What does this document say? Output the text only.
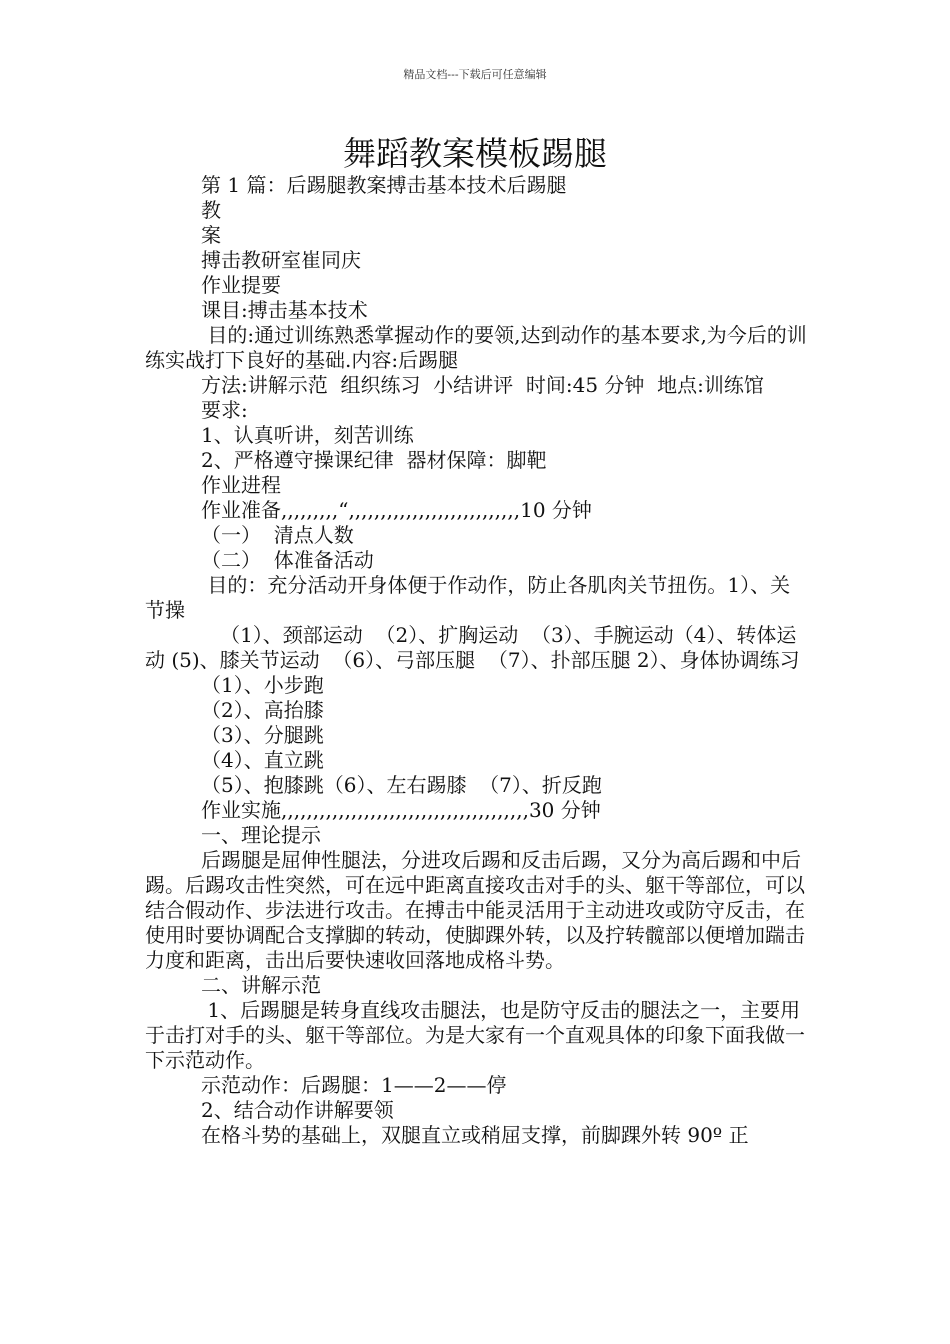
精品文档---下载后可任意编辑
舞蹈教案模板踢腿

第 1 篇：后踢腿教案搏击基本技术后踢腿

教

案

搏击教研室崔同庆

作业提要

课目:搏击基本技术

目的:通过训练熟悉掌握动作的要领,达到动作的基本要求,为今后的训练实战打下良好的基础.内容:后踢腿

方法:讲解示范  组织练习  小结讲评  时间:45 分钟  地点:训练馆

要求:

1、认真听讲，刻苦训练

2、严格遵守操课纪律  器材保障：脚靶

作业进程

作业准备,,,,,,,,,“,,,,,,,,,,,,,,,,,,,,,,,,,,,10 分钟

（一）  清点人数

（二）  体准备活动

目的：充分活动开身体便于作动作，防止各肌肉关节扭伤。1）、关节操

（1）、颈部运动  （2）、扩胸运动  （3）、手腕运动（4）、转体运动 (5)、膝关节运动  （6）、弓部压腿  （7）、扑部压腿 2）、身体协调练习

（1）、小步跑

（2）、高抬膝

（3）、分腿跳

（4）、直立跳

（5）、抱膝跳（6）、左右踢膝  （7）、折反跑

作业实施,,,,,,,,,,,,,,,,,,,,,,,,,,,,,,,,,,,,,,,30 分钟

一、理论提示

后踢腿是屈伸性腿法，分进攻后踢和反击后踢，又分为高后踢和中后踢。后踢攻击性突然，可在远中距离直接攻击对手的头、躯干等部位，可以结合假动作、步法进行攻击。在搏击中能灵活用于主动进攻或防守反击，在使用时要协调配合支撑脚的转动，使脚踝外转，以及拧转髋部以便增加踹击力度和距离，击出后要快速收回落地成格斗势。

二、讲解示范

1、后踢腿是转身直线攻击腿法，也是防守反击的腿法之一，主要用于击打对手的头、躯干等部位。为是大家有一个直观具体的印象下面我做一下示范动作。

示范动作：后踢腿：1——2——停

2、结合动作讲解要领

在格斗势的基础上，双腿直立或稍屈支撑，前脚踝外转 90º 正
